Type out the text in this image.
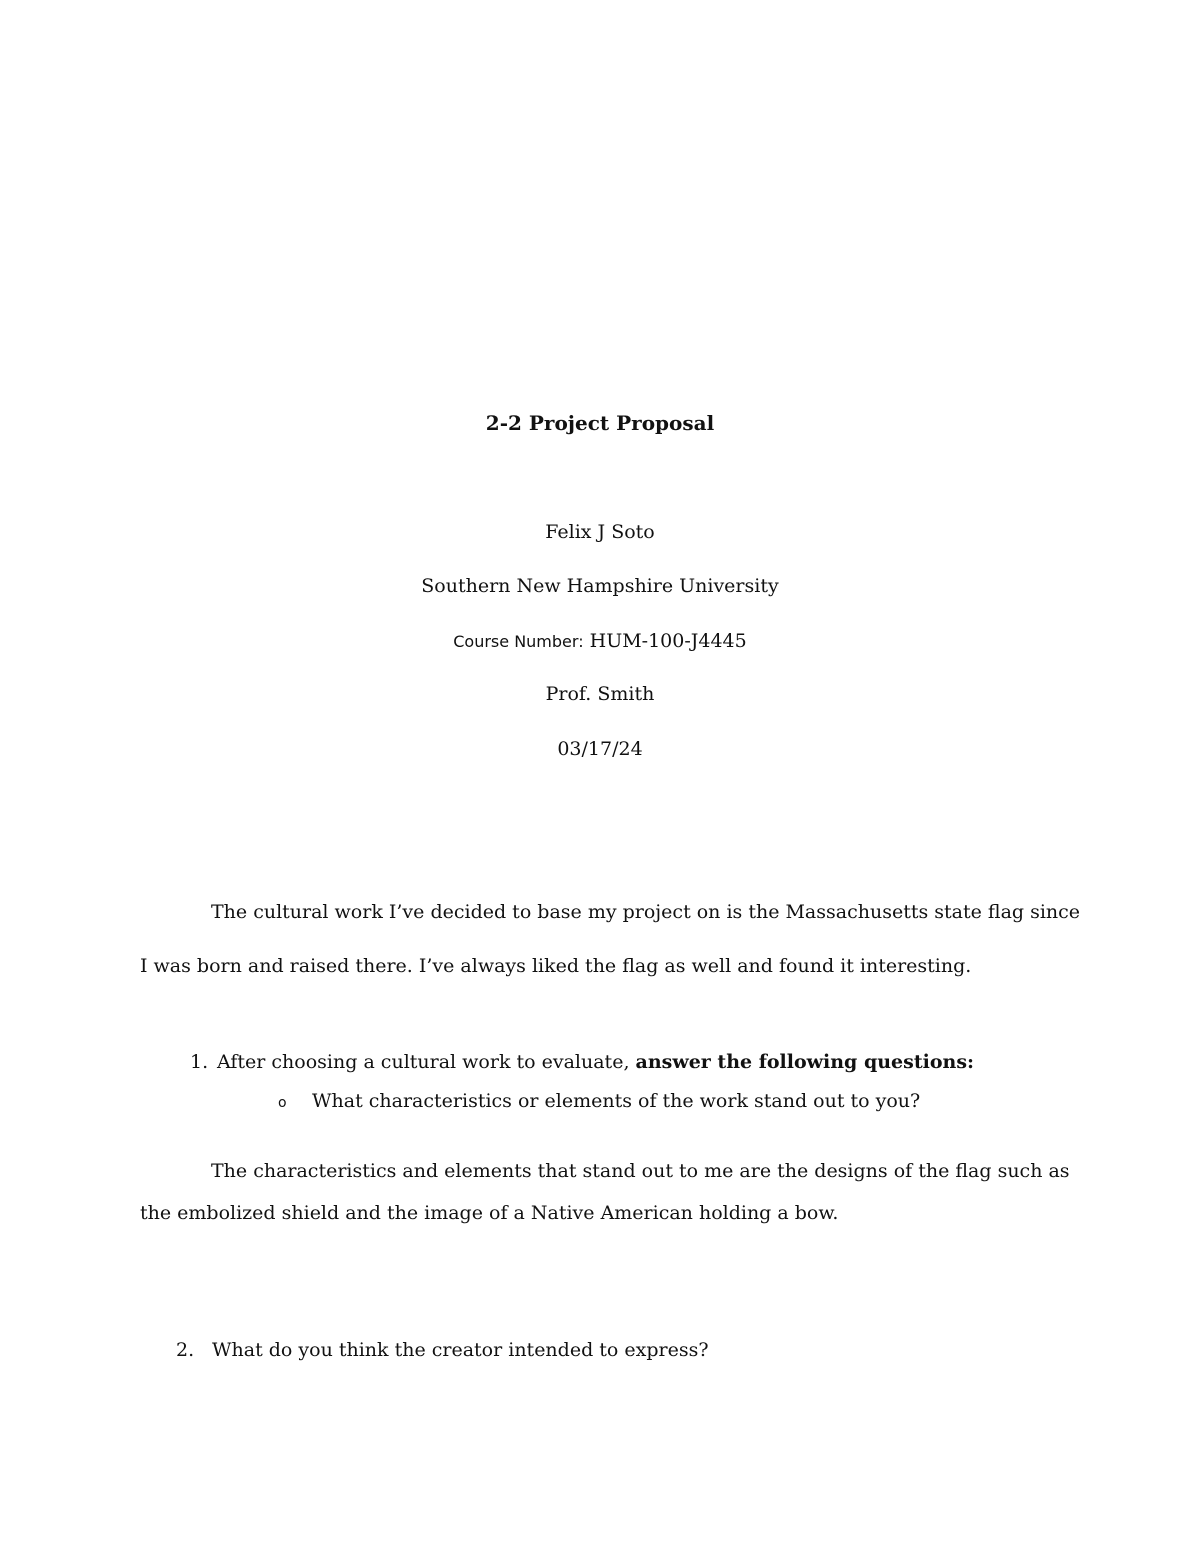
2-2 Project Proposal
Felix J Soto
Southern New Hampshire University
Course Number: HUM-100-J4445
Prof. Smith
03/17/24
The cultural work I’ve decided to base my project on is the Massachusetts state flag since
I was born and raised there. I’ve always liked the flag as well and found it interesting.
1. After choosing a cultural work to evaluate, answer the following questions:
o What characteristics or elements of the work stand out to you?
The characteristics and elements that stand out to me are the designs of the flag such as
the embolized shield and the image of a Native American holding a bow.
2. What do you think the creator intended to express?
